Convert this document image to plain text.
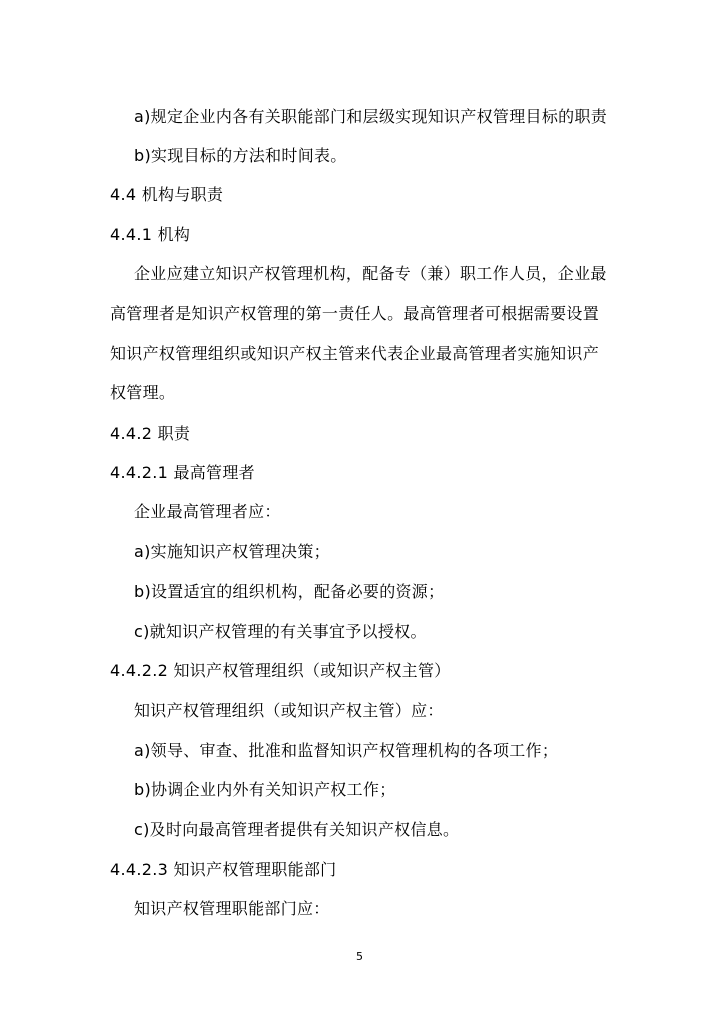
a)规定企业内各有关职能部门和层级实现知识产权管理目标的职责
b)实现目标的方法和时间表。
4.4 机构与职责
4.4.1 机构
企业应建立知识产权管理机构，配备专（兼）职工作人员，企业最
高管理者是知识产权管理的第一责任人。最高管理者可根据需要设置
知识产权管理组织或知识产权主管来代表企业最高管理者实施知识产
权管理。
4.4.2 职责
4.4.2.1 最高管理者
企业最高管理者应：
a)实施知识产权管理决策；
b)设置适宜的组织机构，配备必要的资源；
c)就知识产权管理的有关事宜予以授权。
4.4.2.2 知识产权管理组织（或知识产权主管）
知识产权管理组织（或知识产权主管）应：
a)领导、审查、批准和监督知识产权管理机构的各项工作；
b)协调企业内外有关知识产权工作；
c)及时向最高管理者提供有关知识产权信息。
4.4.2.3 知识产权管理职能部门
知识产权管理职能部门应：
5
